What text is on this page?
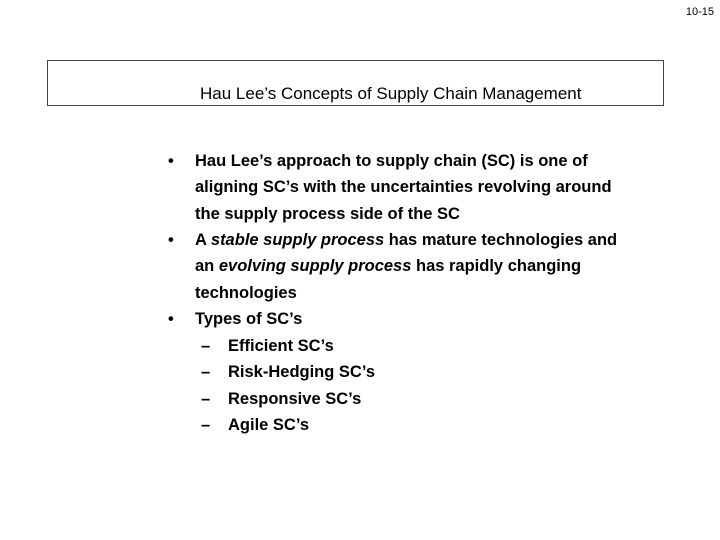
10-15
Hau Lee’s Concepts of Supply Chain Management
• Hau Lee’s approach to supply chain (SC) is one of
aligning SC’s with the uncertainties revolving around
the supply process side of the SC
• A stable supply process has mature technologies and
an evolving supply process has rapidly changing
technologies
• Types of SC’s
– Efficient SC’s
– Risk-Hedging SC’s
– Responsive SC’s
– Agile SC’s
